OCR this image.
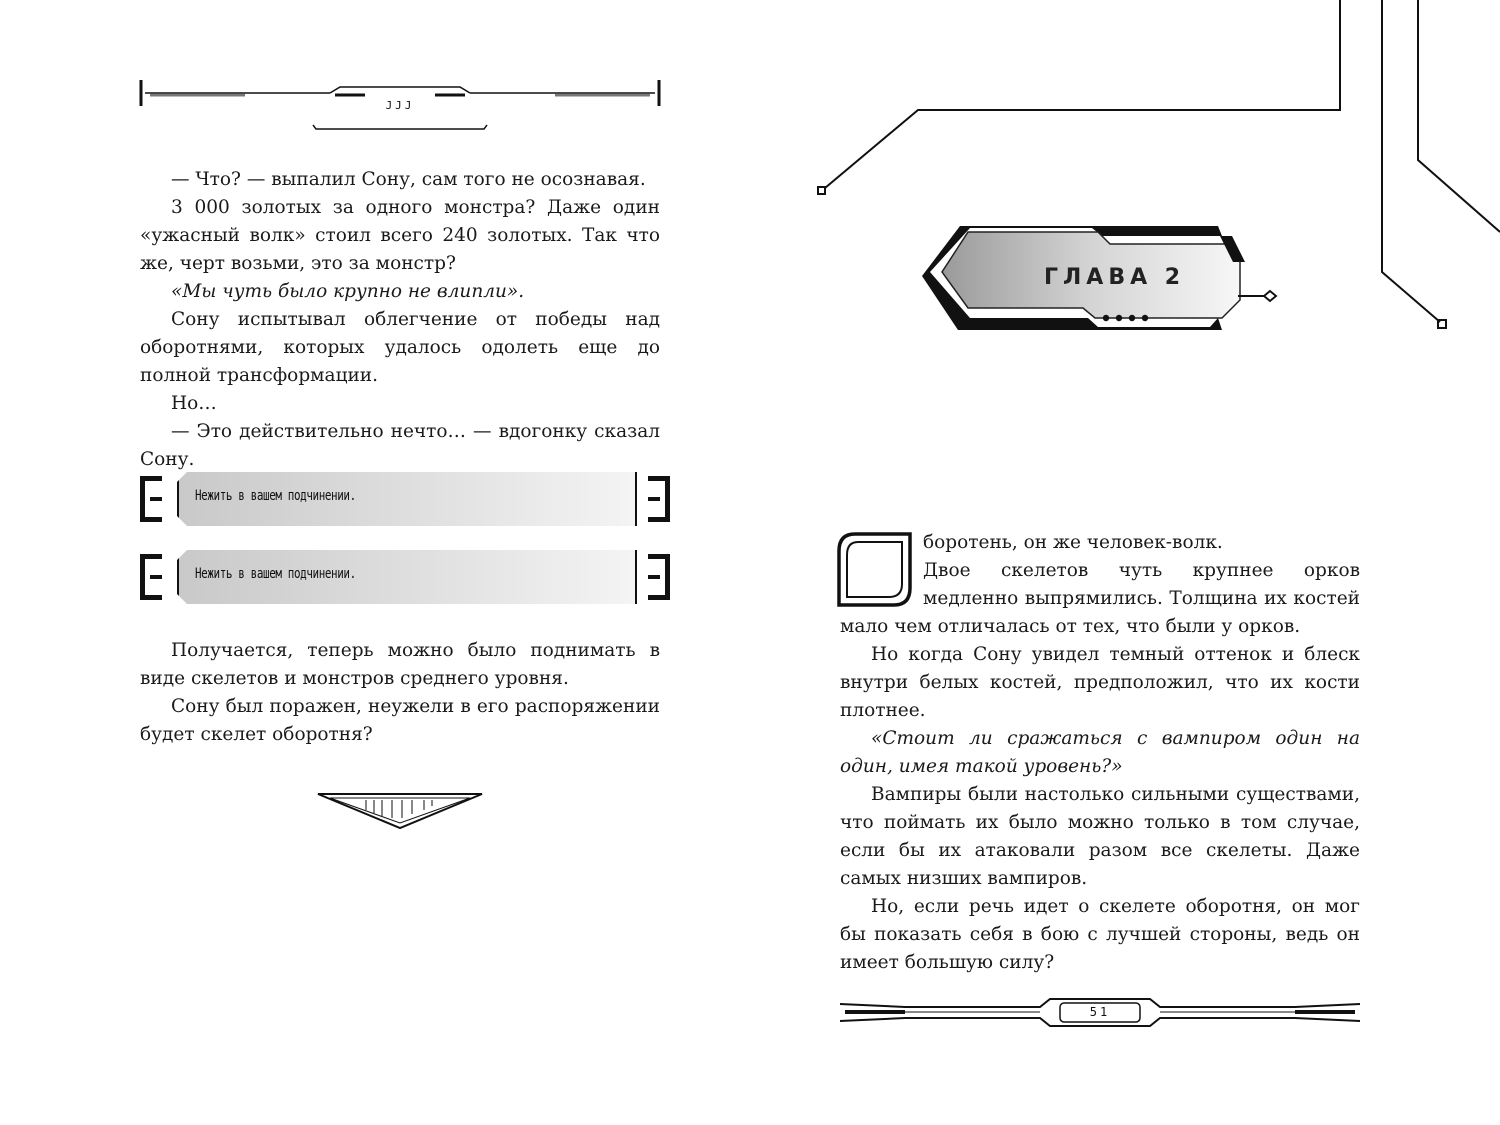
JJJ

— Что? — выпалил Сону, сам того не осознавая.

3 000 золотых за одного монстра? Даже один «ужасный волк» стоил всего 240 золотых. Так что же, черт возьми, это за монстр?

«Мы чуть было крупно не влипли».

Сону испытывал облегчение от победы над оборотнями, которых удалось одолеть еще до полной трансформации.

Но…

— Это действительно нечто… — вдогонку сказал Сону.

Нежить в вашем подчинении.
Нежить в вашем подчинении.

Получается, теперь можно было поднимать в виде скелетов и монстров среднего уровня.

Сону был поражен, неужели в его распоряжении будет скелет оборотня?

ГЛАВА 2

боротень, он же человек-волк.

Двое скелетов чуть крупнее орков медленно выпрямились. Толщина их костей мало чем отличалась от тех, что были у орков.

Но когда Сону увидел темный оттенок и блеск внутри белых костей, предположил, что их кости плотнее.

«Стоит ли сражаться с вампиром один на один, имея такой уровень?»

Вампиры были настолько сильными существами, что поймать их было можно только в том случае, если бы их атаковали разом все скелеты. Даже самых низших вампиров.

Но, если речь идет о скелете оборотня, он мог бы показать себя в бою с лучшей стороны, ведь он имеет большую силу?

51
